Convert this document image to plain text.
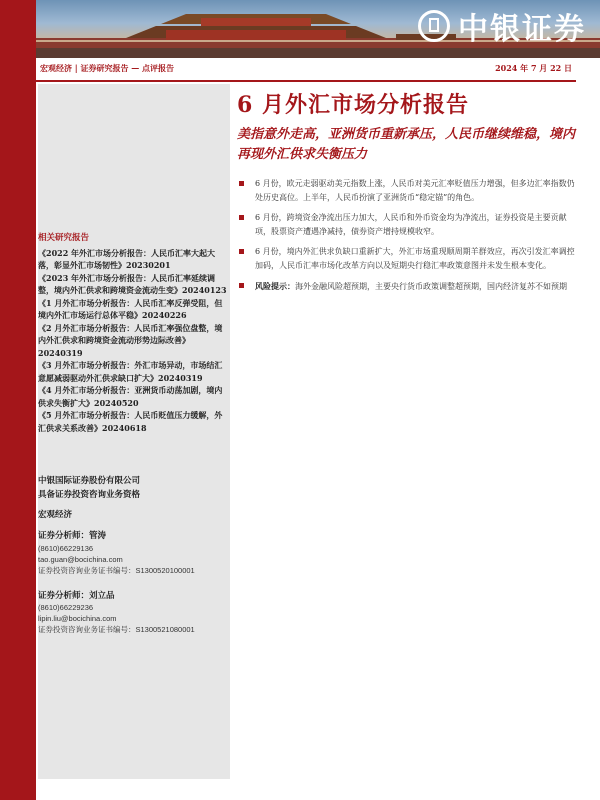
中银证券
宏观经济 | 证券研究报告 — 点评报告	2024 年 7 月 22 日
相关研究报告
《2022 年外汇市场分析报告：人民币汇率大起大落，彰显外汇市场韧性》20230201
《2023 年外汇市场分析报告：人民币汇率延续调整，境内外汇供求和跨境资金流动生变》20240123
《1 月外汇市场分析报告：人民币汇率反弹受阻，但境内外汇市场运行总体平稳》20240226
《2 月外汇市场分析报告：人民币汇率强位盘整，境内外汇供求和跨境资金流动形势边际改善》20240319
《3 月外汇市场分析报告：外汇市场异动，市场结汇意愿减弱驱动外汇供求缺口扩大》20240319
《4 月外汇市场分析报告：亚洲货币动荡加剧，境内供求失衡扩大》20240520
《5 月外汇市场分析报告：人民币贬值压力缓解，外汇供求关系改善》20240618
中银国际证券股份有限公司
具备证券投资咨询业务资格
宏观经济
证券分析师：管涛
(8610)66229136
tao.guan@bocichina.com
证券投资咨询业务证书编号：S1300520100001
证券分析师：刘立品
(8610)66229236
lipin.liu@bocichina.com
证券投资咨询业务证书编号：S1300521080001
6 月外汇市场分析报告
美指意外走高，亚洲货币重新承压，人民币继续维稳，境内再现外汇供求失衡压力
6 月份，欧元走弱驱动美元指数上涨，人民币对美元汇率贬值压力增强，但多边汇率指数仍处历史高位。上半年，人民币扮演了亚洲货币“稳定锚”的角色。
6 月份，跨境资金净流出压力加大，人民币和外币资金均为净流出，证券投资是主要贡献项，股票资产遭遇净减持，债券资产增持规模收窄。
6 月份，境内外汇供求负缺口重新扩大，外汇市场重现顺周期羊群效应，再次引发汇率调控加码，人民币汇率市场化改革方向以及短期央行稳汇率政策意图并未发生根本变化。
风险提示：海外金融风险超预期，主要央行货币政策调整超预期，国内经济复苏不如预期
